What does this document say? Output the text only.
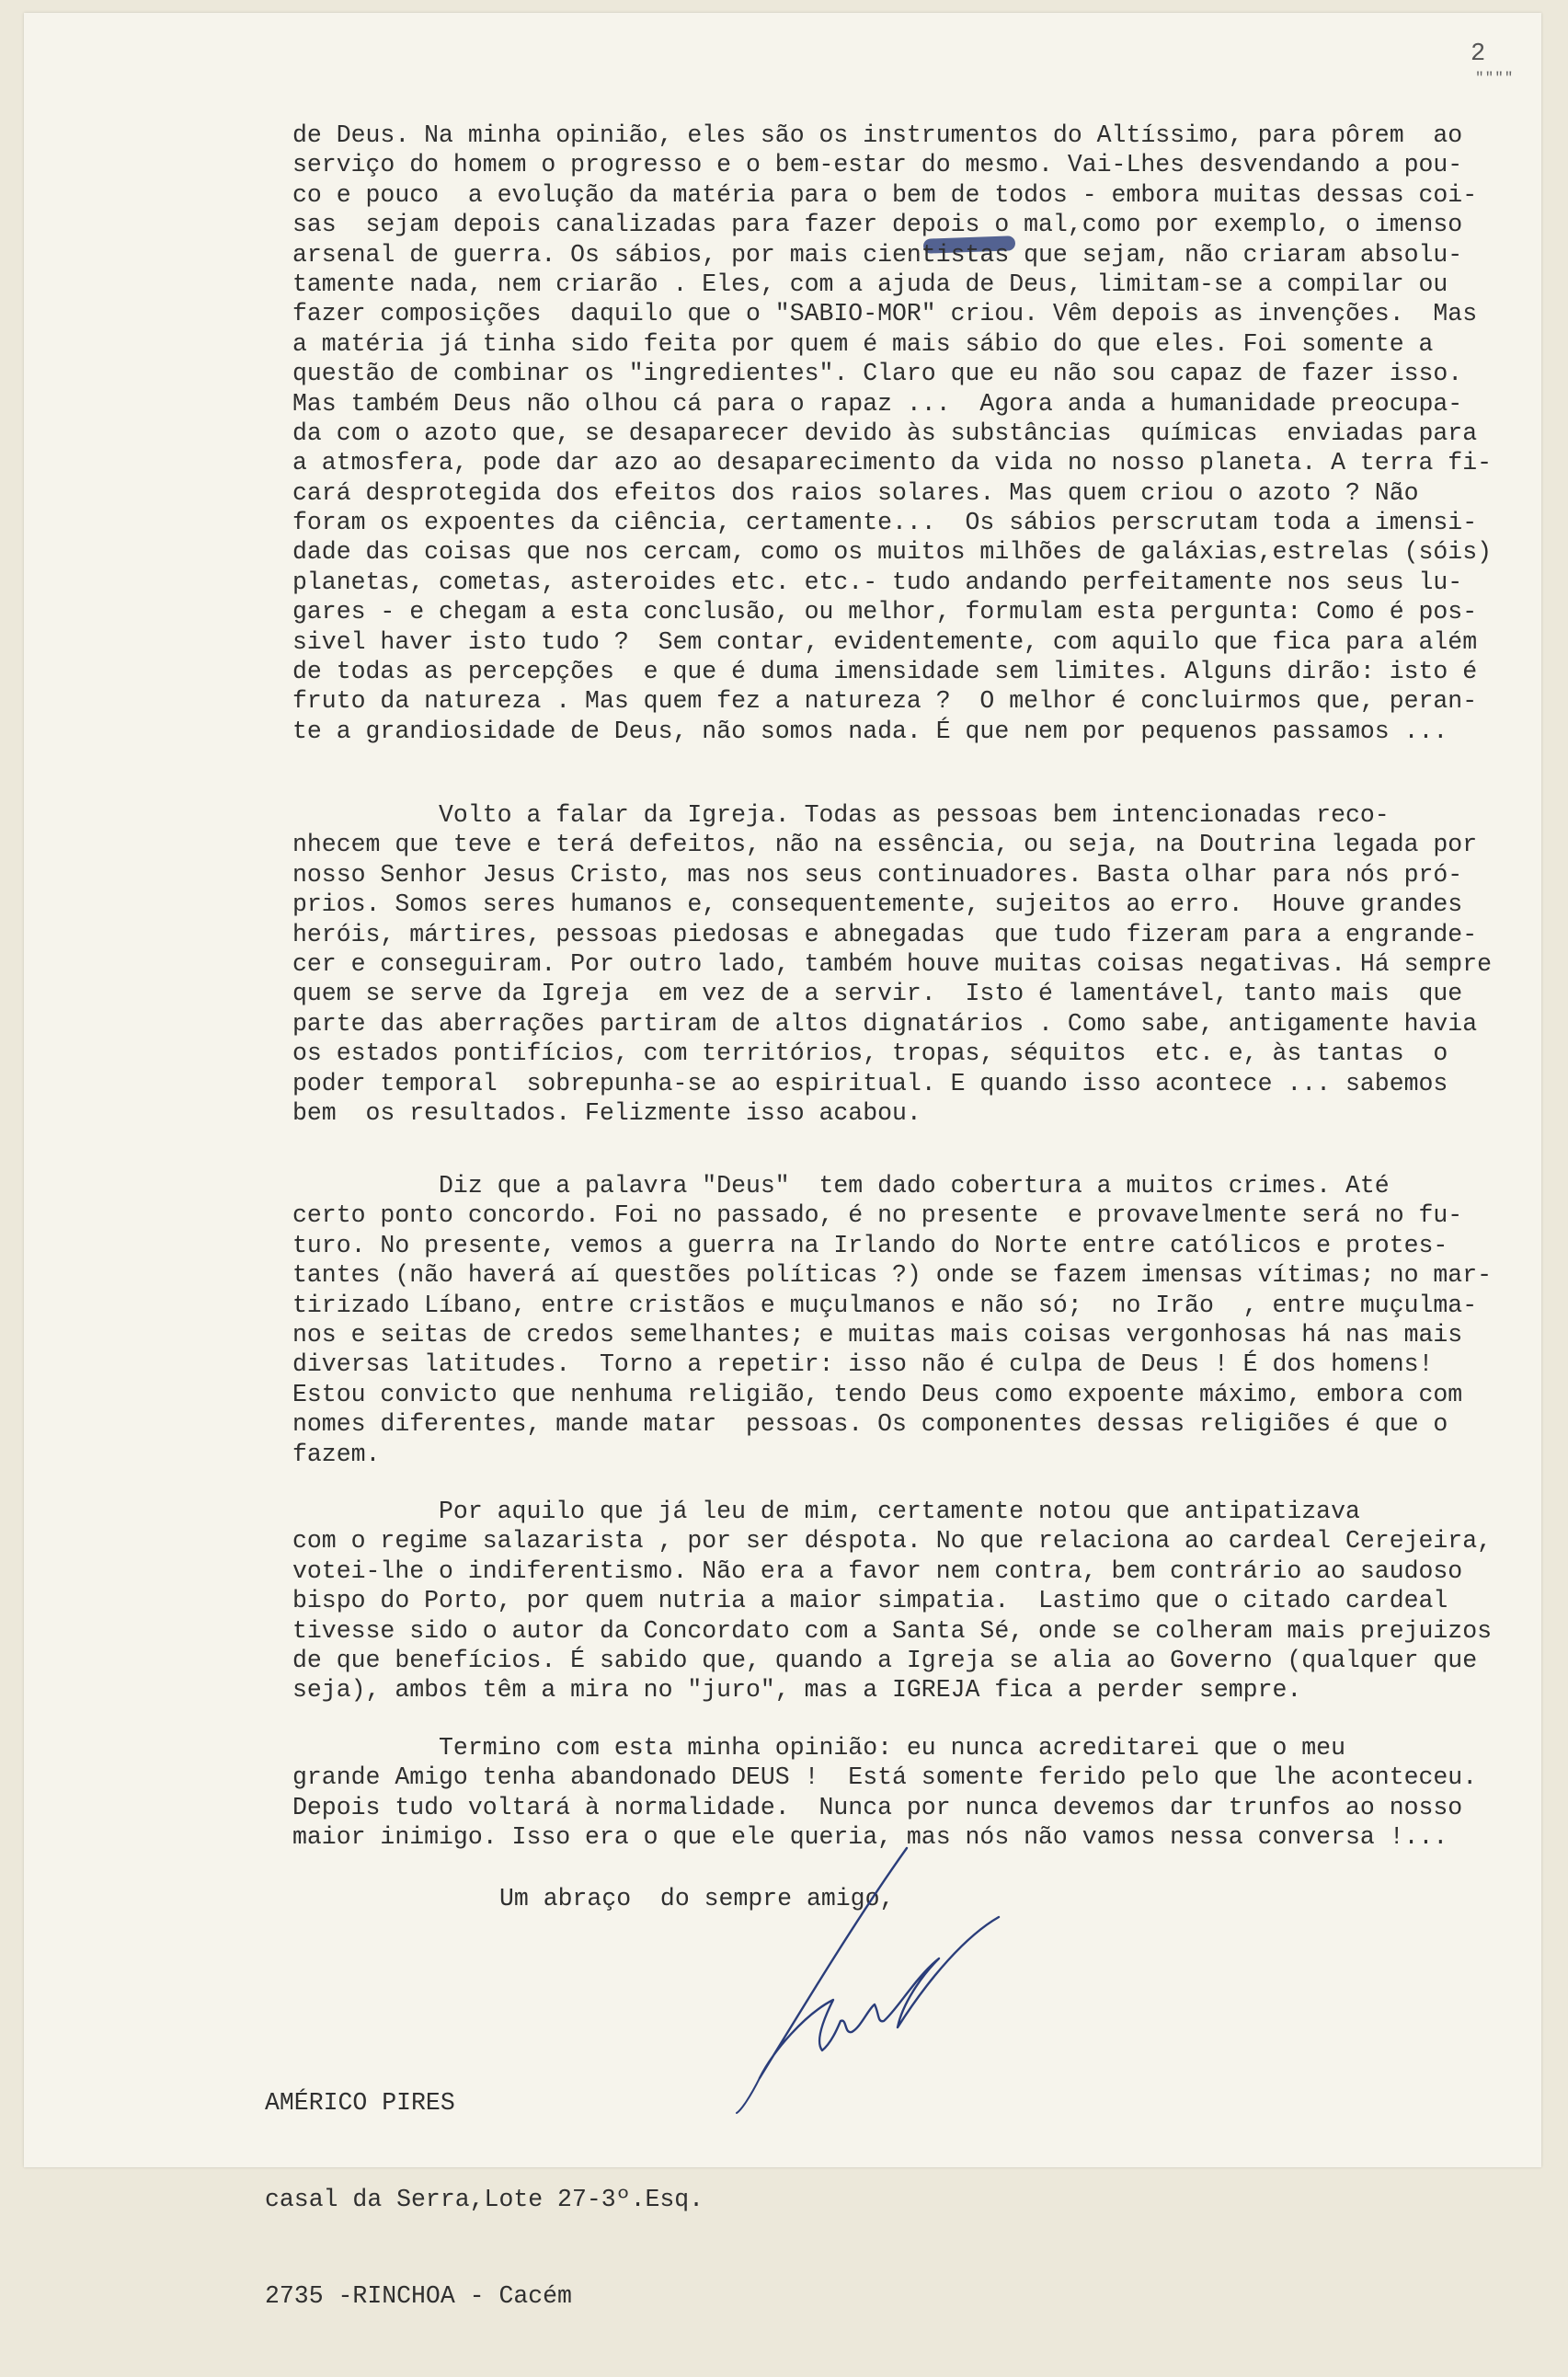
2
""""
de Deus. Na minha opinião, eles são os instrumentos do Altíssimo, para pôrem  ao
serviço do homem o progresso e o bem-estar do mesmo. Vai-Lhes desvendando a pou-
co e pouco  a evolução da matéria para o bem de todos - embora muitas dessas coi-
sas  sejam depois canalizadas para fazer depois o mal,como por exemplo, o imenso
arsenal de guerra. Os sábios, por mais cientistas que sejam, não criaram absolu-
tamente nada, nem criarão . Eles, com a ajuda de Deus, limitam-se a compilar ou
fazer composições  daquilo que o "SABIO-MOR" criou. Vêm depois as invenções.  Mas
a matéria já tinha sido feita por quem é mais sábio do que eles. Foi somente a
questão de combinar os "ingredientes". Claro que eu não sou capaz de fazer isso.
Mas também Deus não olhou cá para o rapaz ...  Agora anda a humanidade preocupa-
da com o azoto que, se desaparecer devido às substâncias  químicas  enviadas para
a atmosfera, pode dar azo ao desaparecimento da vida no nosso planeta. A terra fi-
cará desprotegida dos efeitos dos raios solares. Mas quem criou o azoto ? Não
foram os expoentes da ciência, certamente...  Os sábios perscrutam toda a imensi-
dade das coisas que nos cercam, como os muitos milhões de galáxias,estrelas (sóis)
planetas, cometas, asteroides etc. etc.- tudo andando perfeitamente nos seus lu-
gares - e chegam a esta conclusão, ou melhor, formulam esta pergunta: Como é pos-
sivel haver isto tudo ?  Sem contar, evidentemente, com aquilo que fica para além
de todas as percepções  e que é duma imensidade sem limites. Alguns dirão: isto é
fruto da natureza . Mas quem fez a natureza ?  O melhor é concluirmos que, peran-
te a grandiosidade de Deus, não somos nada. É que nem por pequenos passamos ...
Volto a falar da Igreja. Todas as pessoas bem intencionadas reco-
nhecem que teve e terá defeitos, não na essência, ou seja, na Doutrina legada por
nosso Senhor Jesus Cristo, mas nos seus continuadores. Basta olhar para nós pró-
prios. Somos seres humanos e, consequentemente, sujeitos ao erro.  Houve grandes
heróis, mártires, pessoas piedosas e abnegadas  que tudo fizeram para a engrande-
cer e conseguiram. Por outro lado, também houve muitas coisas negativas. Há sempre
quem se serve da Igreja  em vez de a servir.  Isto é lamentável, tanto mais  que
parte das aberrações partiram de altos dignatários . Como sabe, antigamente havia
os estados pontifícios, com territórios, tropas, séquitos  etc. e, às tantas  o
poder temporal  sobrepunha-se ao espiritual. E quando isso acontece ... sabemos
bem  os resultados. Felizmente isso acabou.
Diz que a palavra "Deus"  tem dado cobertura a muitos crimes. Até
certo ponto concordo. Foi no passado, é no presente  e provavelmente será no fu-
turo. No presente, vemos a guerra na Irlando do Norte entre católicos e protes-
tantes (não haverá aí questões políticas ?) onde se fazem imensas vítimas; no mar-
tirizado Líbano, entre cristãos e muçulmanos e não só;  no Irão  , entre muçulma-
nos e seitas de credos semelhantes; e muitas mais coisas vergonhosas há nas mais
diversas latitudes.  Torno a repetir: isso não é culpa de Deus ! É dos homens!
Estou convicto que nenhuma religião, tendo Deus como expoente máximo, embora com
nomes diferentes, mande matar  pessoas. Os componentes dessas religiões é que o
fazem.
Por aquilo que já leu de mim, certamente notou que antipatizava
com o regime salazarista , por ser déspota. No que relaciona ao cardeal Cerejeira,
votei-lhe o indiferentismo. Não era a favor nem contra, bem contrário ao saudoso
bispo do Porto, por quem nutria a maior simpatia.  Lastimo que o citado cardeal
tivesse sido o autor da Concordato com a Santa Sé, onde se colheram mais prejuizos
de que benefícios. É sabido que, quando a Igreja se alia ao Governo (qualquer que
seja), ambos têm a mira no "juro", mas a IGREJA fica a perder sempre.
Termino com esta minha opinião: eu nunca acreditarei que o meu
grande Amigo tenha abandonado DEUS !  Está somente ferido pelo que lhe aconteceu.
Depois tudo voltará à normalidade.  Nunca por nunca devemos dar trunfos ao nosso
maior inimigo. Isso era o que ele queria, mas nós não vamos nessa conversa !...
Um abraço  do sempre amigo,

AMÉRICO PIRES

casal da Serra,Lote 27-3º.Esq.

2735 -RINCHOA - Cacém
